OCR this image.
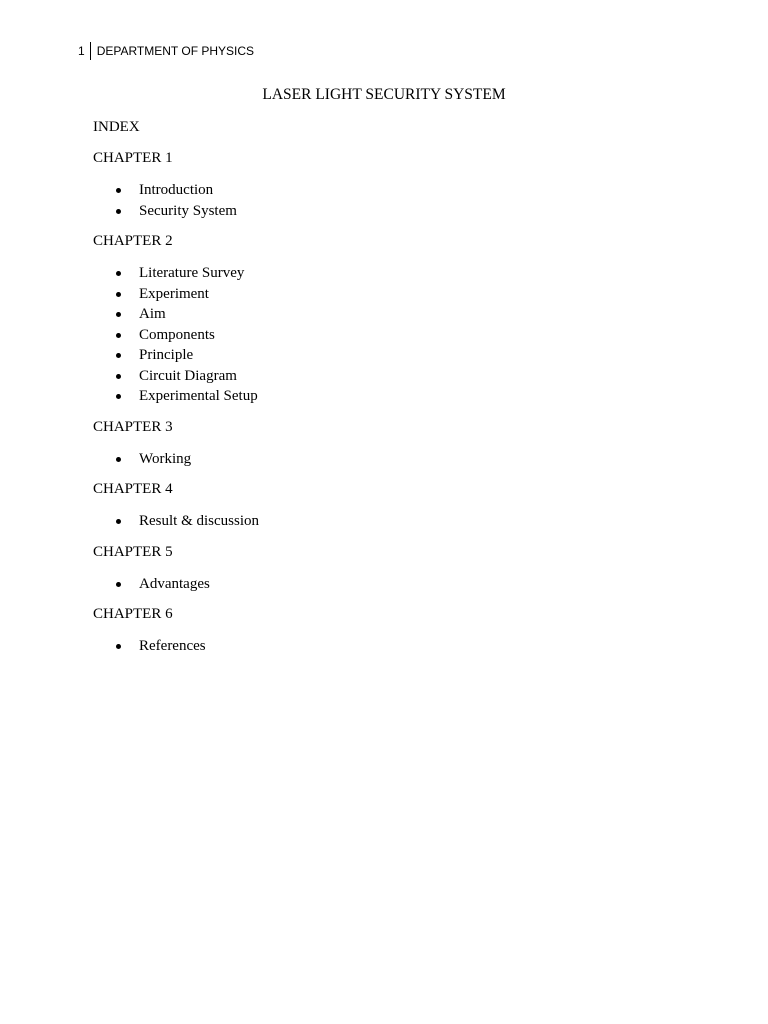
1	DEPARTMENT OF PHYSICS
LASER LIGHT SECURITY SYSTEM
INDEX
CHAPTER 1
Introduction
Security System
CHAPTER 2
Literature Survey
Experiment
Aim
Components
Principle
Circuit Diagram
Experimental Setup
CHAPTER 3
Working
CHAPTER 4
Result & discussion
CHAPTER 5
Advantages
CHAPTER 6
References
